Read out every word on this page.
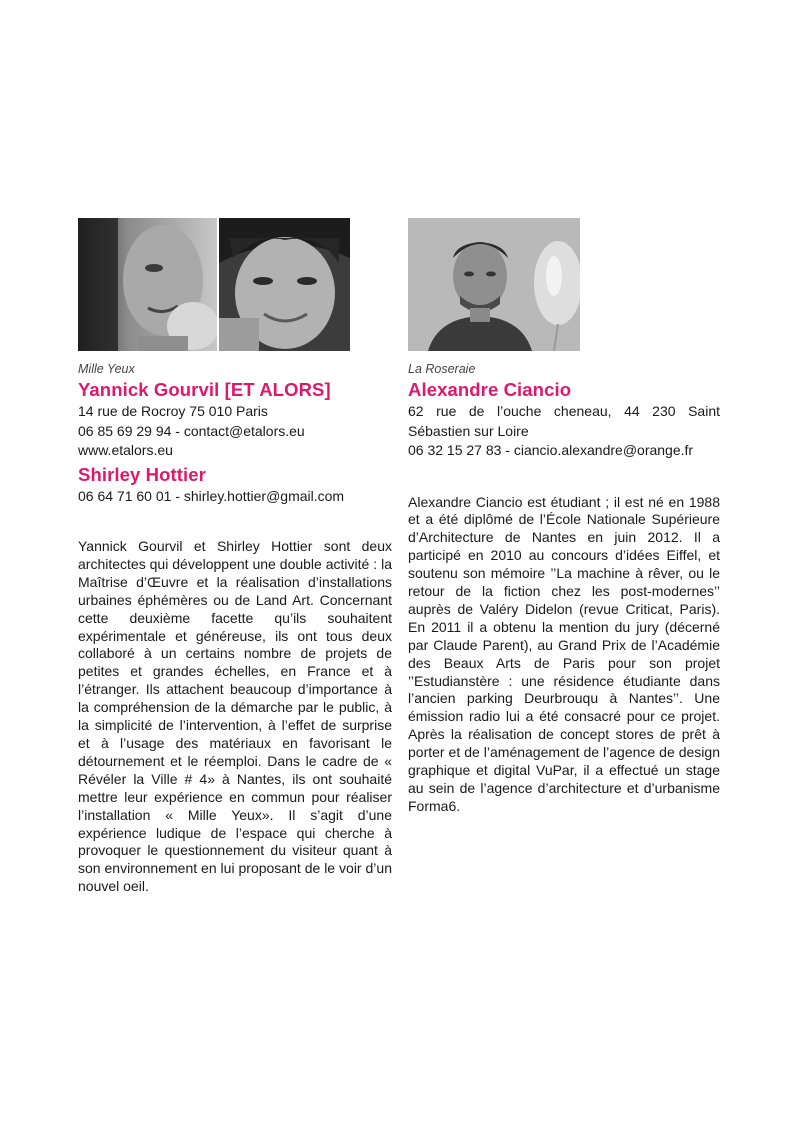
Mille Yeux
Yannick Gourvil [ET ALORS]
14 rue de Rocroy 75 010 Paris
06 85 69 29 94 - contact@etalors.eu
www.etalors.eu
Shirley Hottier
06 64 71 60 01 - shirley.hottier@gmail.com
Yannick Gourvil et Shirley Hottier sont deux architectes qui développent une double activité : la Maîtrise d’Œuvre et la réalisation d’installations urbaines éphémères ou de Land Art. Concernant cette deuxième facette qu’ils souhaitent expérimentale et généreuse, ils ont tous deux collaboré à un certains nombre de projets de petites et grandes échelles, en France et à l’étranger. Ils attachent beaucoup d’importance à la compréhension de la démarche par le public, à la simplicité de l’intervention, à l’effet de surprise et à l’usage des matériaux en favorisant le détournement et le réemploi. Dans le cadre de « Révéler la Ville # 4» à Nantes, ils ont souhaité mettre leur expérience en commun pour réaliser l’installation « Mille Yeux». Il s’agit d’une expérience ludique de l’espace qui cherche à provoquer le questionnement du visiteur quant à son environnement en lui proposant de le voir d’un nouvel oeil.
La Roseraie
Alexandre Ciancio
62 rue de l’ouche cheneau, 44 230 Saint Sébastien sur Loire
06 32 15 27 83 - ciancio.alexandre@orange.fr
Alexandre Ciancio est étudiant ; il est né en 1988 et a été diplômé de l’École Nationale Supérieure d’Architecture de Nantes en juin 2012. Il a participé en 2010 au concours d’idées Eiffel, et soutenu son mémoire ’’La machine à rêver, ou le retour de la fiction chez les post-modernes’’ auprès de Valéry Didelon (revue Criticat, Paris). En 2011 il a obtenu la mention du jury (décerné par Claude Parent), au Grand Prix de l’Académie des Beaux Arts de Paris pour son projet ’’Estudianstère : une résidence étudiante dans l’ancien parking Deurbrouqu à Nantes’’. Une émission radio lui a été consacré pour ce projet. Après la réalisation de concept stores de prêt à porter et de l’aménagement de l’agence de design graphique et digital VuPar, il a effectué un stage au sein de l’agence d’architecture et d’urbanisme Forma6.
